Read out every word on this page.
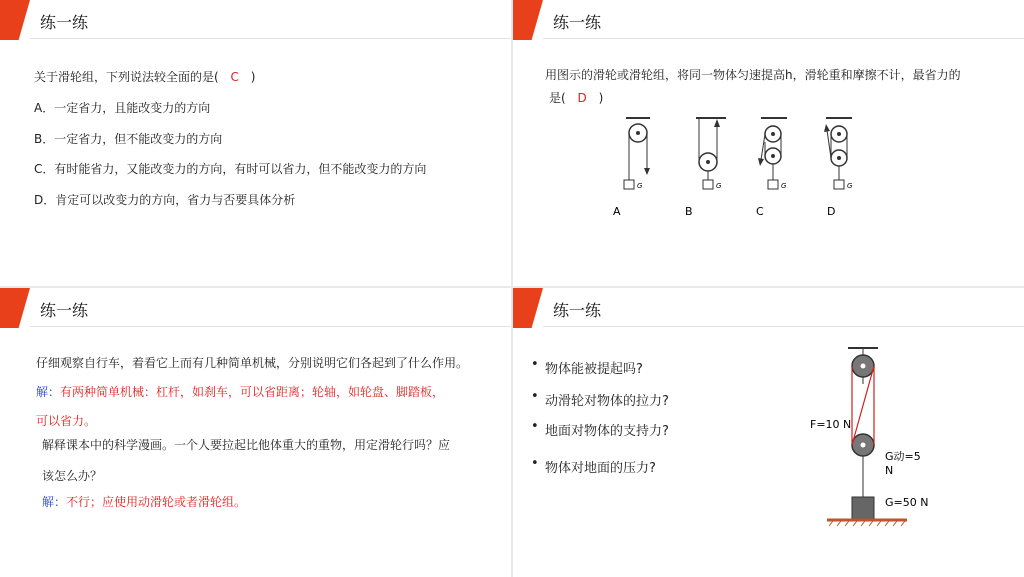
练一练
关于滑轮组，下列说法较全面的是( C )
A．一定省力，且能改变力的方向
B．一定省力，但不能改变力的方向
C．有时能省力，又能改变力的方向，有时可以省力，但不能改变力的方向
D．肯定可以改变力的方向，省力与否要具体分析
练一练
用图示的滑轮或滑轮组，将同一物体匀速提高h，滑轮重和摩擦不计，最省力的
是( D )
G
A
G
B
G
C
G
D
练一练
仔细观察自行车，着看它上而有几种简单机械，分别说明它们各起到了什么作用。
解：有两种简单机械：杠杆，如刹车，可以省距离；轮轴，如轮盘、脚踏板，
可以省力。
解释课本中的科学漫画。一个人要拉起比他体重大的重物，用定滑轮行吗？应
该怎么办？
解：不行；应使用动滑轮或者滑轮组。
练一练
• 物体能被提起吗?
• 动滑轮对物体的拉力?
• 地面对物体的支持力?
• 物体对地面的压力?
F=10 N
G动=5
N
G=50 N
